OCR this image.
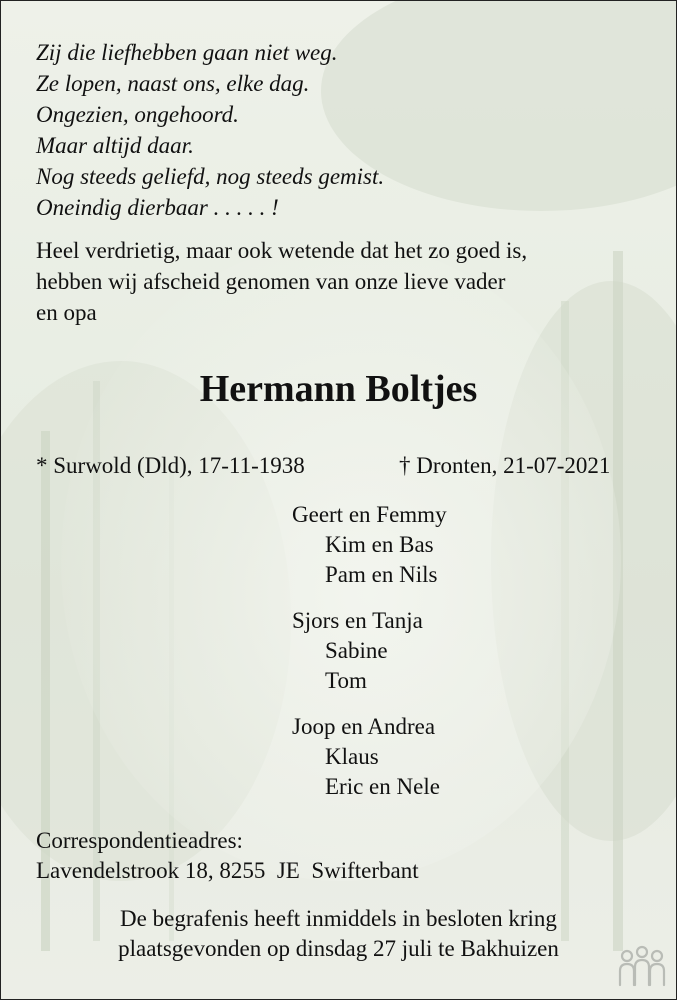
Zij die liefhebben gaan niet weg.
Ze lopen, naast ons, elke dag.
Ongezien, ongehoord.
Maar altijd daar.
Nog steeds geliefd, nog steeds gemist.
Oneindig dierbaar . . . . . !
Heel verdrietig, maar ook wetende dat het zo goed is,
hebben wij afscheid genomen van onze lieve vader
en opa
Hermann Boltjes
* Surwold (Dld), 17-11-1938	† Dronten, 21-07-2021
Geert en Femmy
Kim en Bas
Pam en Nils
Sjors en Tanja
Sabine
Tom
Joop en Andrea
Klaus
Eric en Nele
Correspondentieadres:
Lavendelstrook 18, 8255  JE  Swifterbant
De begrafenis heeft inmiddels in besloten kring
plaatsgevonden op dinsdag 27 juli te Bakhuizen
